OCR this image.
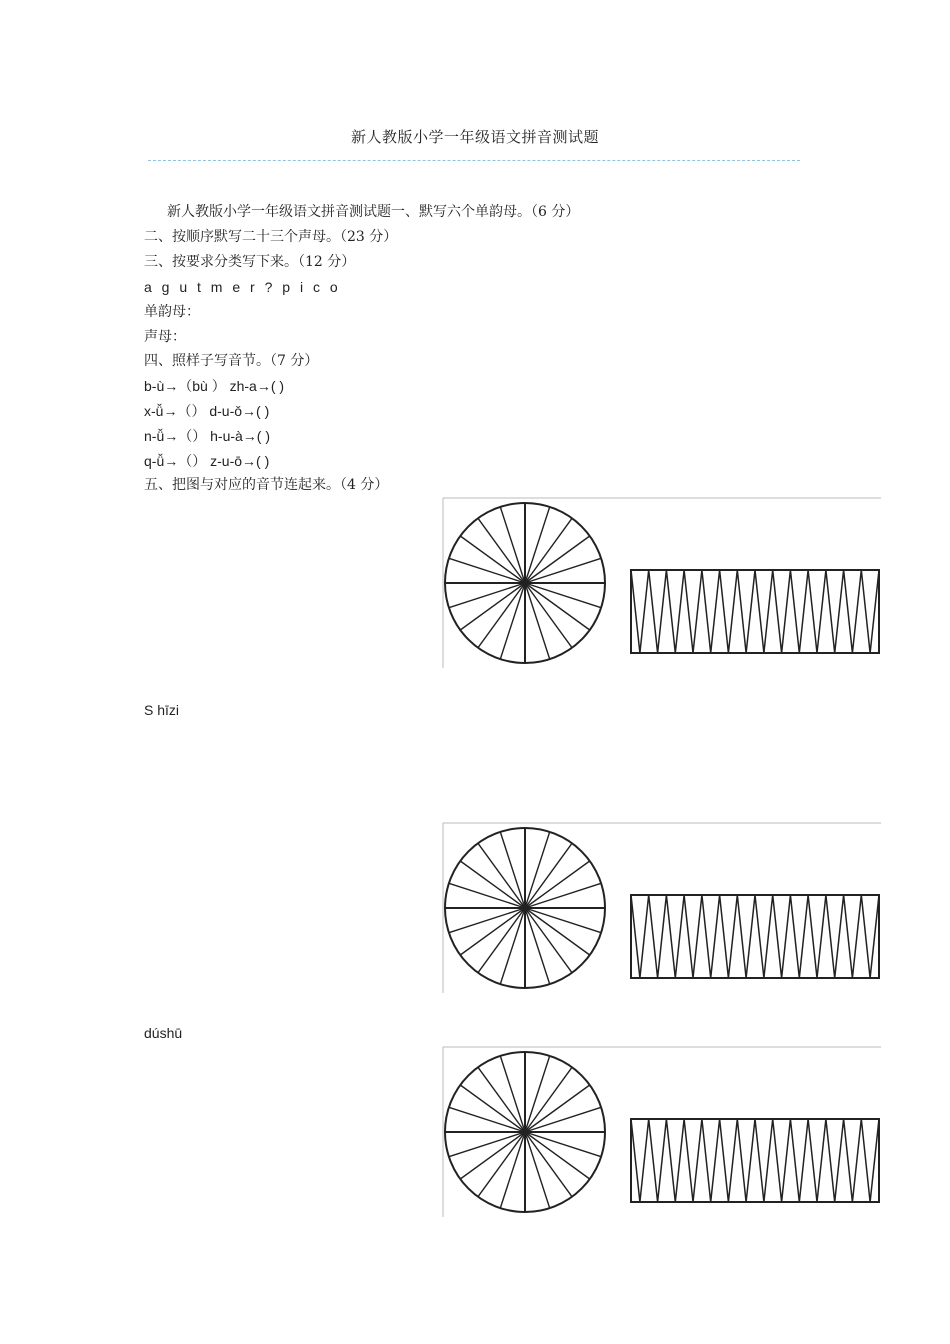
新人教版小学一年级语文拼音测试题
新人教版小学一年级语文拼音测试题一、默写六个单韵母。（6 分）
二、按顺序默写二十三个声母。（23 分）
三、按要求分类写下来。（12 分）
a g u t m e r ? p i c o
单韵母：
声母：
四、照样子写音节。（7 分）
b-ù→（bù ） zh-a→( )
x-ǚ→（） d-u-ǒ→( )
n-ǚ→（） h-u-à→( )
q-ǚ→（） z-u-ō→( )
五、把图与对应的音节连起来。（4 分）
S hīzi
dúshū
